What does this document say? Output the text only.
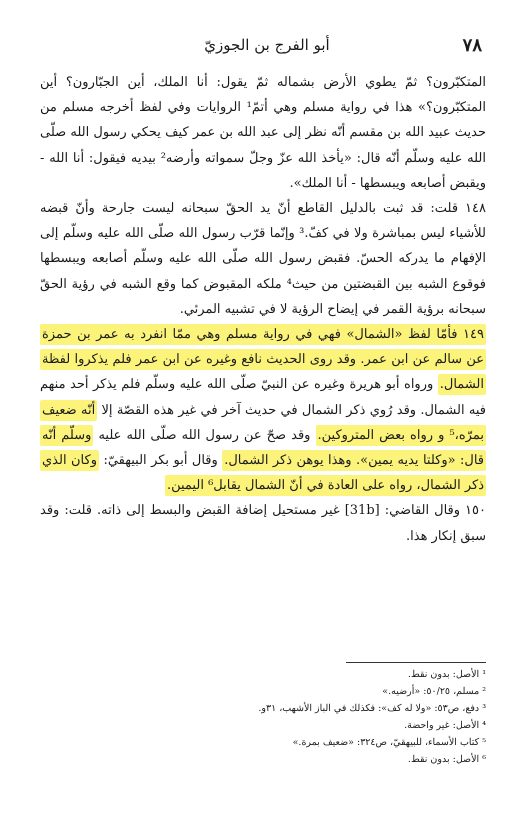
٧٨
أبو الفرج بن الجوزيّ

المتكبّرون؟ ثمّ يطوي الأرض بشماله ثمّ يقول: أنا الملك، أين الجبّارون؟ أين المتكبّرون؟» هذا في رواية مسلم وهي أتمّ¹ الروايات وفي لفظ أخرجه مسلم من حديث عبيد الله بن مقسم أنّه نظر إلى عبد الله بن عمر كيف يحكي رسول الله صلّى الله عليه وسلّم أنّه قال: «يأخذ الله عزّ وجلّ سمواته وأرضه² بيديه فيقول: أنا الله - ويقبض أصابعه ويبسطها - أنا الملك».

١٤٨ قلت: قد ثبت بالدليل القاطع أنّ يد الحقّ سبحانه ليست جارحة وأنّ قبضه للأشياء ليس بمباشرة ولا في كفّ.³ وإنّما قرّب رسول الله صلّى الله عليه وسلّم إلى الإفهام ما يدركه الحسّ. فقبض رسول الله صلّى الله عليه وسلّم أصابعه ويبسطها فوقوع الشبه بين القبضتين من حيث⁴ ملكه المقبوض كما وقع الشبه في رؤية الحقّ سبحانه برؤية القمر في إيضاح الرؤية لا في تشبيه المرئي.

١٤٩ فأمّا لفظ «الشمال» فهي في رواية مسلم وهي ممّا انفرد به عمر بن حمزة عن سالم عن ابن عمر. وقد روى الحديث نافع وغيره عن ابن عمر فلم يذكروا لفظة الشمال. ورواه أبو هريرة وغيره عن النبيّ صلّى الله عليه وسلّم فلم يذكر أحد منهم فيه الشمال. وقد رُوي ذكر الشمال في حديث آخر في غير هذه القصّة إلا أنّه ضعيف بمرّه،⁵ و رواه بعض المتروكين. وقد صحّ عن رسول الله صلّى الله عليه وسلّم أنّه قال: «وكلتا يديه يمين». وهذا يوهن ذكر الشمال. وقال أبو بكر البيهقيّ: وكان الذي ذكر الشمال، رواه على العادة في أنّ الشمال يقابل⁶ اليمين.

١٥٠ وقال القاضي: [31b] غير مستحيل إضافة القبض والبسط إلى ذاته. قلت: وقد سبق إنكار هذا.

¹ الأصل: بدون نقط.
² مسلم، ٥٠/٢٥: «أرضيه.»
³ دفع، ص٥٣: «ولا له كف»: فكذلك في الباز الأشهب، ٣١و.
⁴ الأصل: غير واحضة.
⁵ كتاب الأسماء، للبيهقيّ، ص٣٢٤: «ضعيف بمرة.»
⁶ الأصل: بدون نقط.
